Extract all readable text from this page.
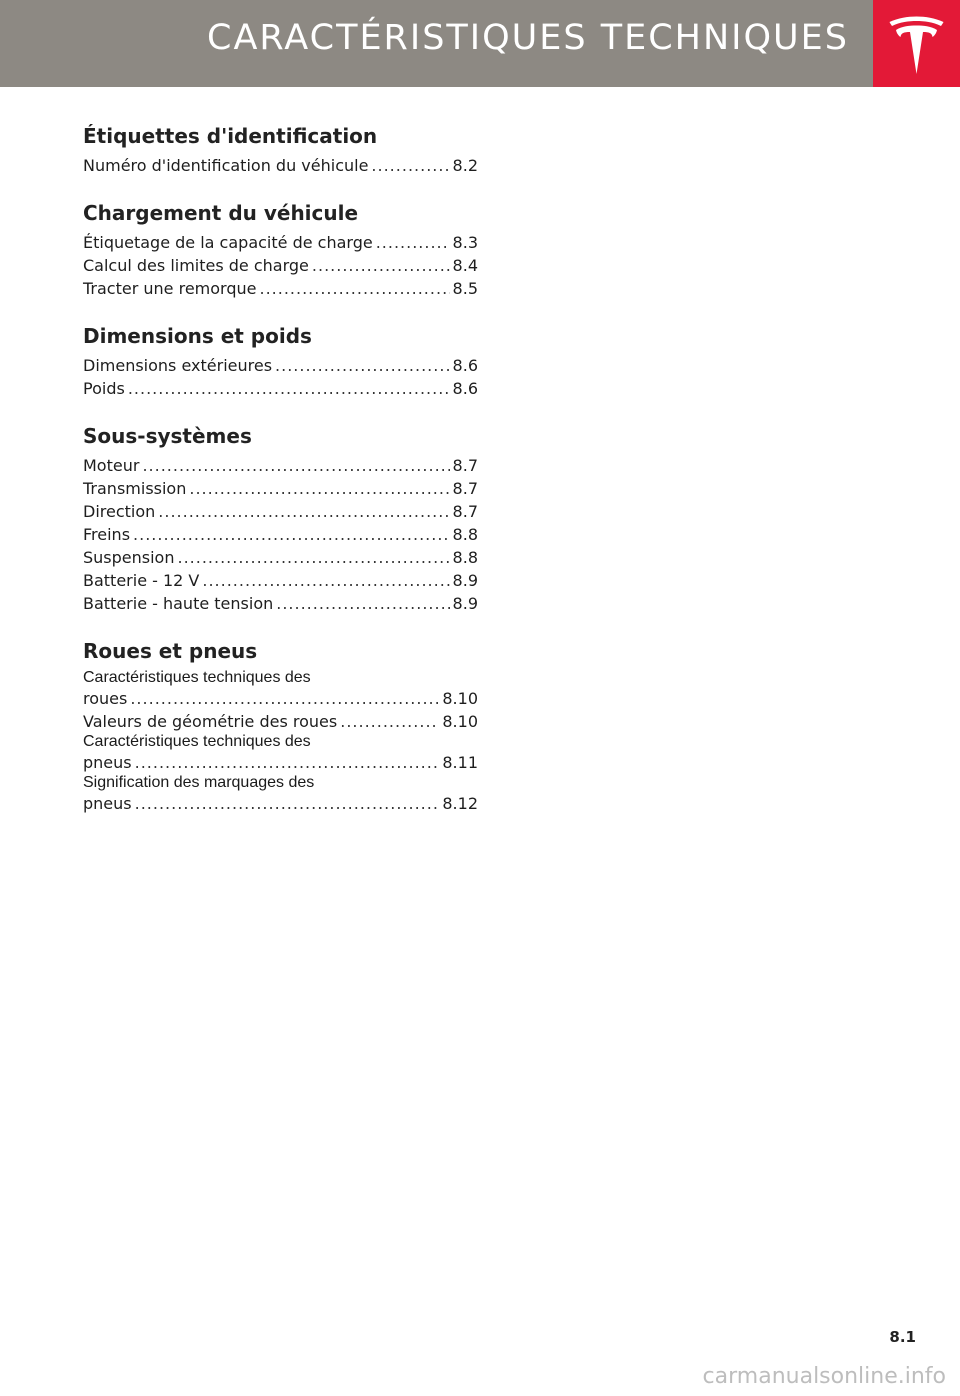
CARACTÉRISTIQUES TECHNIQUES
Étiquettes d'identification
Numéro d'identification du véhicule .....	8.2
Chargement du véhicule
Étiquetage de la capacité de charge .....	8.3
Calcul des limites de charge .....	8.4
Tracter une remorque .....	8.5
Dimensions et poids
Dimensions extérieures .....	8.6
Poids .....	8.6
Sous-systèmes
Moteur .....	8.7
Transmission .....	8.7
Direction .....	8.7
Freins .....	8.8
Suspension .....	8.8
Batterie - 12 V .....	8.9
Batterie - haute tension .....	8.9
Roues et pneus
Caractéristiques techniques des
roues .....	8.10
Valeurs de géométrie des roues .....	8.10
Caractéristiques techniques des
pneus .....	8.11
Signification des marquages des
pneus .....	8.12
8.1
carmanualsonline.info
